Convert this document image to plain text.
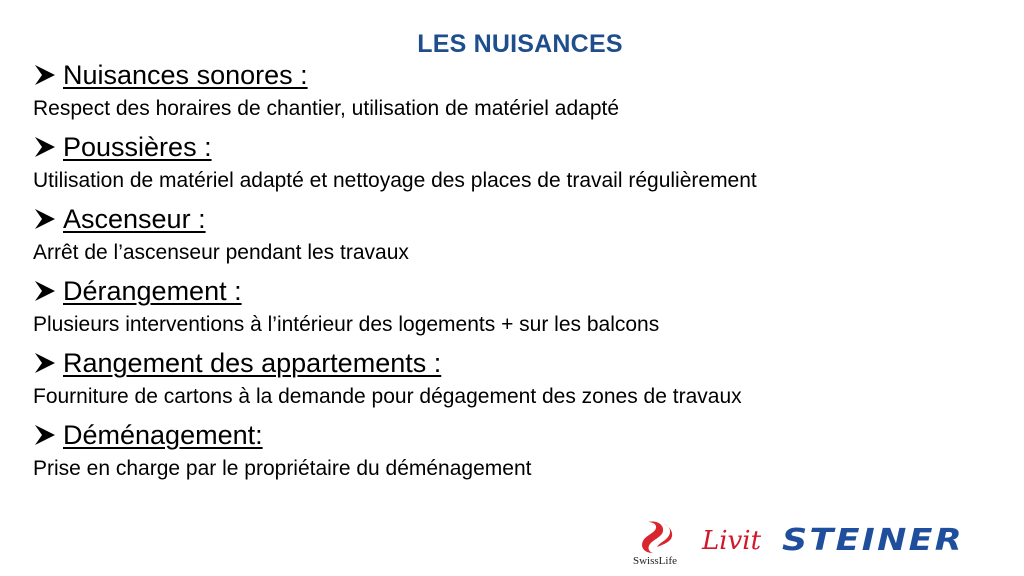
LES NUISANCES
Nuisances sonores :
Respect des horaires de chantier, utilisation de matériel adapté
Poussières :
Utilisation de matériel adapté et nettoyage des places de travail régulièrement
Ascenseur :
Arrêt de l’ascenseur pendant les travaux
Dérangement :
Plusieurs interventions à l’intérieur des logements + sur les balcons
Rangement des appartements :
Fourniture de cartons à la demande pour dégagement des zones de travaux
Déménagement:
Prise en charge par le propriétaire du déménagement
SwissLife
Livit STEINER
